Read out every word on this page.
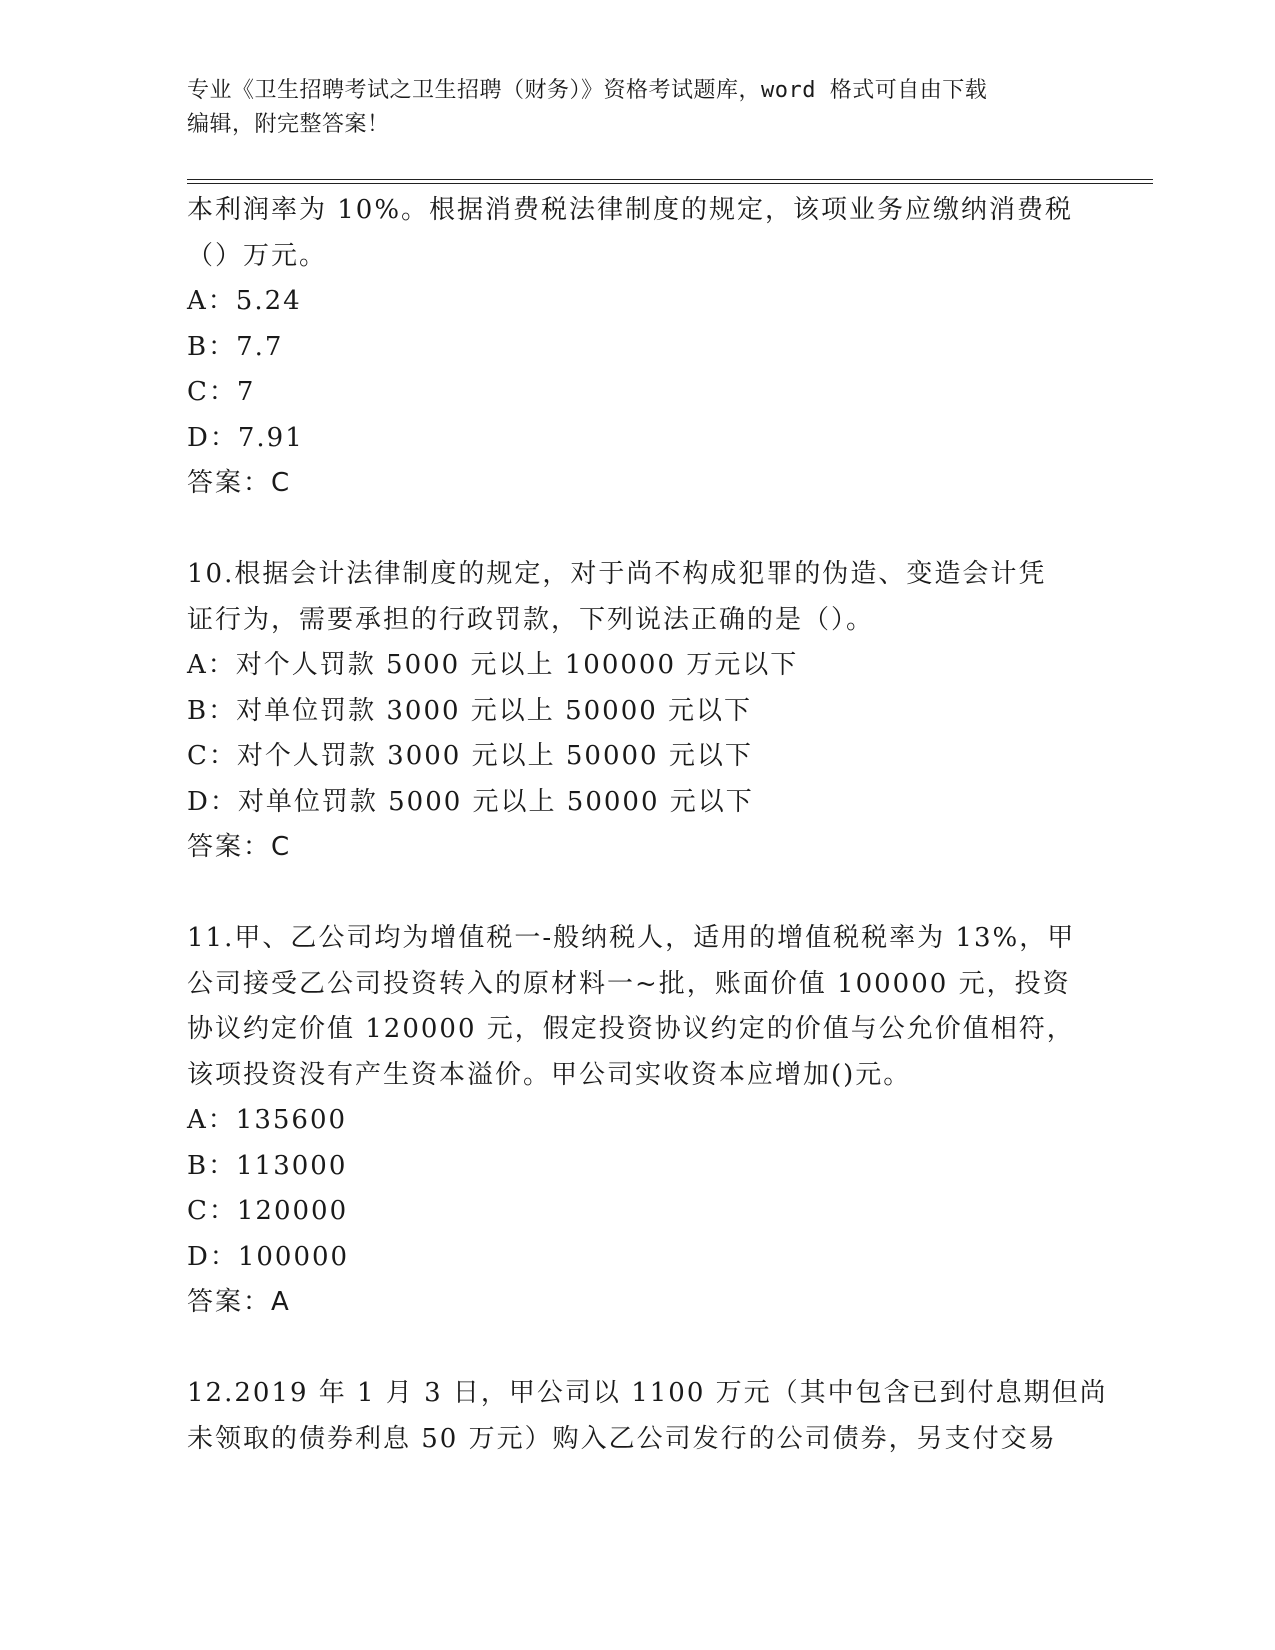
专业《卫生招聘考试之卫生招聘（财务）》资格考试题库，word 格式可自由下载
编辑，附完整答案！
本利润率为 10%。根据消费税法律制度的规定，该项业务应缴纳消费税
（）万元。
A：5.24
B：7.7
C：7
D：7.91
答案：C
10.根据会计法律制度的规定，对于尚不构成犯罪的伪造、变造会计凭
证行为，需要承担的行政罚款，下列说法正确的是（）。
A：对个人罚款 5000 元以上 100000 万元以下
B：对单位罚款 3000 元以上 50000 元以下
C：对个人罚款 3000 元以上 50000 元以下
D：对单位罚款 5000 元以上 50000 元以下
答案：C
11.甲、乙公司均为增值税一-般纳税人，适用的增值税税率为 13%，甲
公司接受乙公司投资转入的原材料一~批，账面价值 100000 元，投资
协议约定价值 120000 元，假定投资协议约定的价值与公允价值相符，
该项投资没有产生资本溢价。甲公司实收资本应增加()元。
A：135600
B：113000
C：120000
D：100000
答案：A
12.2019 年 1 月 3 日，甲公司以 1100 万元（其中包含已到付息期但尚
未领取的债券利息 50 万元）购入乙公司发行的公司债券，另支付交易
